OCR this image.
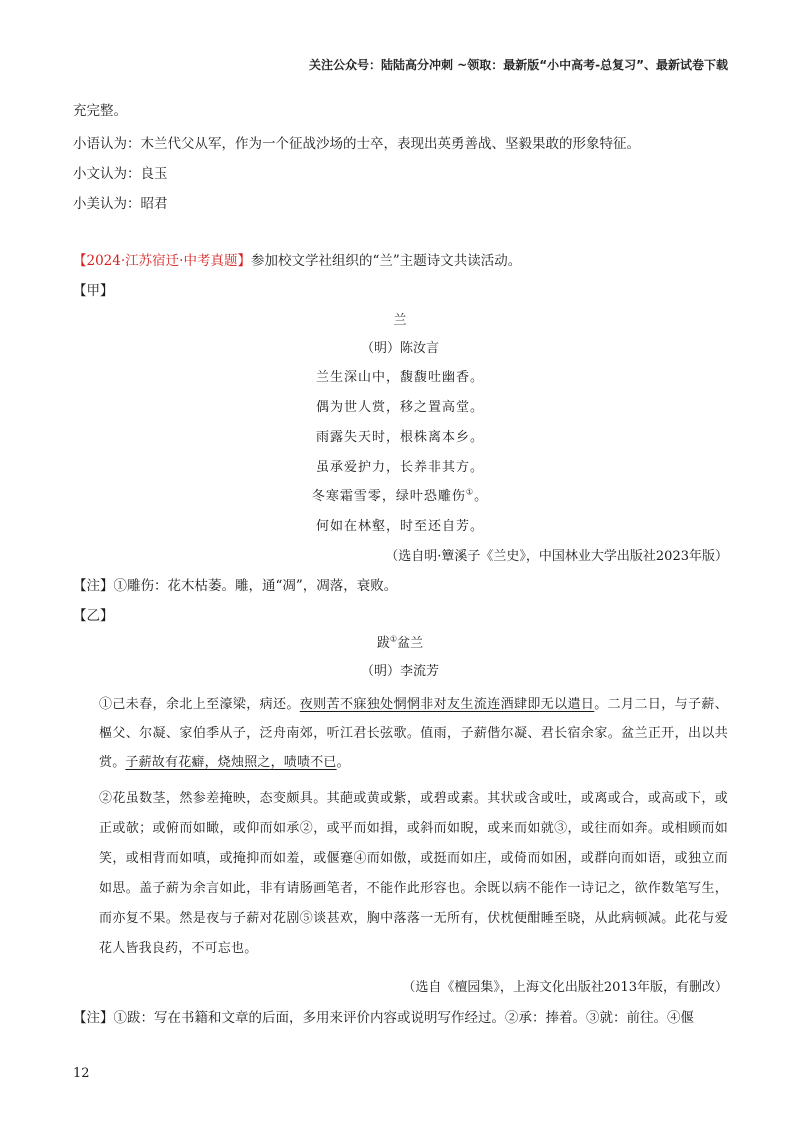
关注公众号：陆陆高分冲刺 ~领取：最新版“小中高考-总复习”、最新试卷下载
充完整。
小语认为：木兰代父从军，作为一个征战沙场的士卒，表现出英勇善战、坚毅果敢的形象特征。
小文认为：良玉
小美认为：昭君
【2024·江苏宿迁·中考真题】参加校文学社组织的“兰”主题诗文共读活动。
【甲】
兰
（明）陈汝言
兰生深山中，馥馥吐幽香。
偶为世人赏，移之置高堂。
雨露失天时，根株离本乡。
虽承爱护力，长养非其方。
冬寒霜雪零，绿叶恐雕伤①。
何如在林壑，时至还自芳。
（选自明·簟溪子《兰史》，中国林业大学出版社2023年版）
【注】①雕伤：花木枯萎。雕，通“凋”，凋落，衰败。
【乙】
跋①盆兰
（明）李流芳
①己未春，余北上至濠梁，病还。夜则苦不寐独处惘惘非对友生流连酒肆即无以遣日。二月二日，与子薪、樞父、尔凝、家伯季从子，泛舟南郊，听江君长弦歌。值雨，子薪偕尔凝、君长宿余家。盆兰正开，出以共赏。子薪故有花癖，烧烛照之，啧啧不已。
②花虽数茎，然参差掩映，态变颇具。其葩或黄或紫，或碧或素。其状或含或吐，或离或合，或高或下，或正或欹；或俯而如瞰，或仰而如承②，或平而如揖，或斜而如睨，或来而如就③，或往而如奔。或相顾而如笑，或相背而如嗔，或掩抑而如羞，或偃蹇④而如傲，或挺而如庄，或倚而如困，或群向而如语，或独立而如思。盖子薪为余言如此，非有请肠画笔者，不能作此形容也。余既以病不能作一诗记之，欲作数笔写生，而亦复不果。然是夜与子薪对花剧⑤谈甚欢，胸中落落一无所有，伏枕便酣睡至晓，从此病顿减。此花与爱花人皆我良药，不可忘也。
（选自《檀园集》，上海文化出版社2013年版，有删改）
【注】①跋：写在书籍和文章的后面，多用来评价内容或说明写作经过。②承：捧着。③就：前往。④偃
12
